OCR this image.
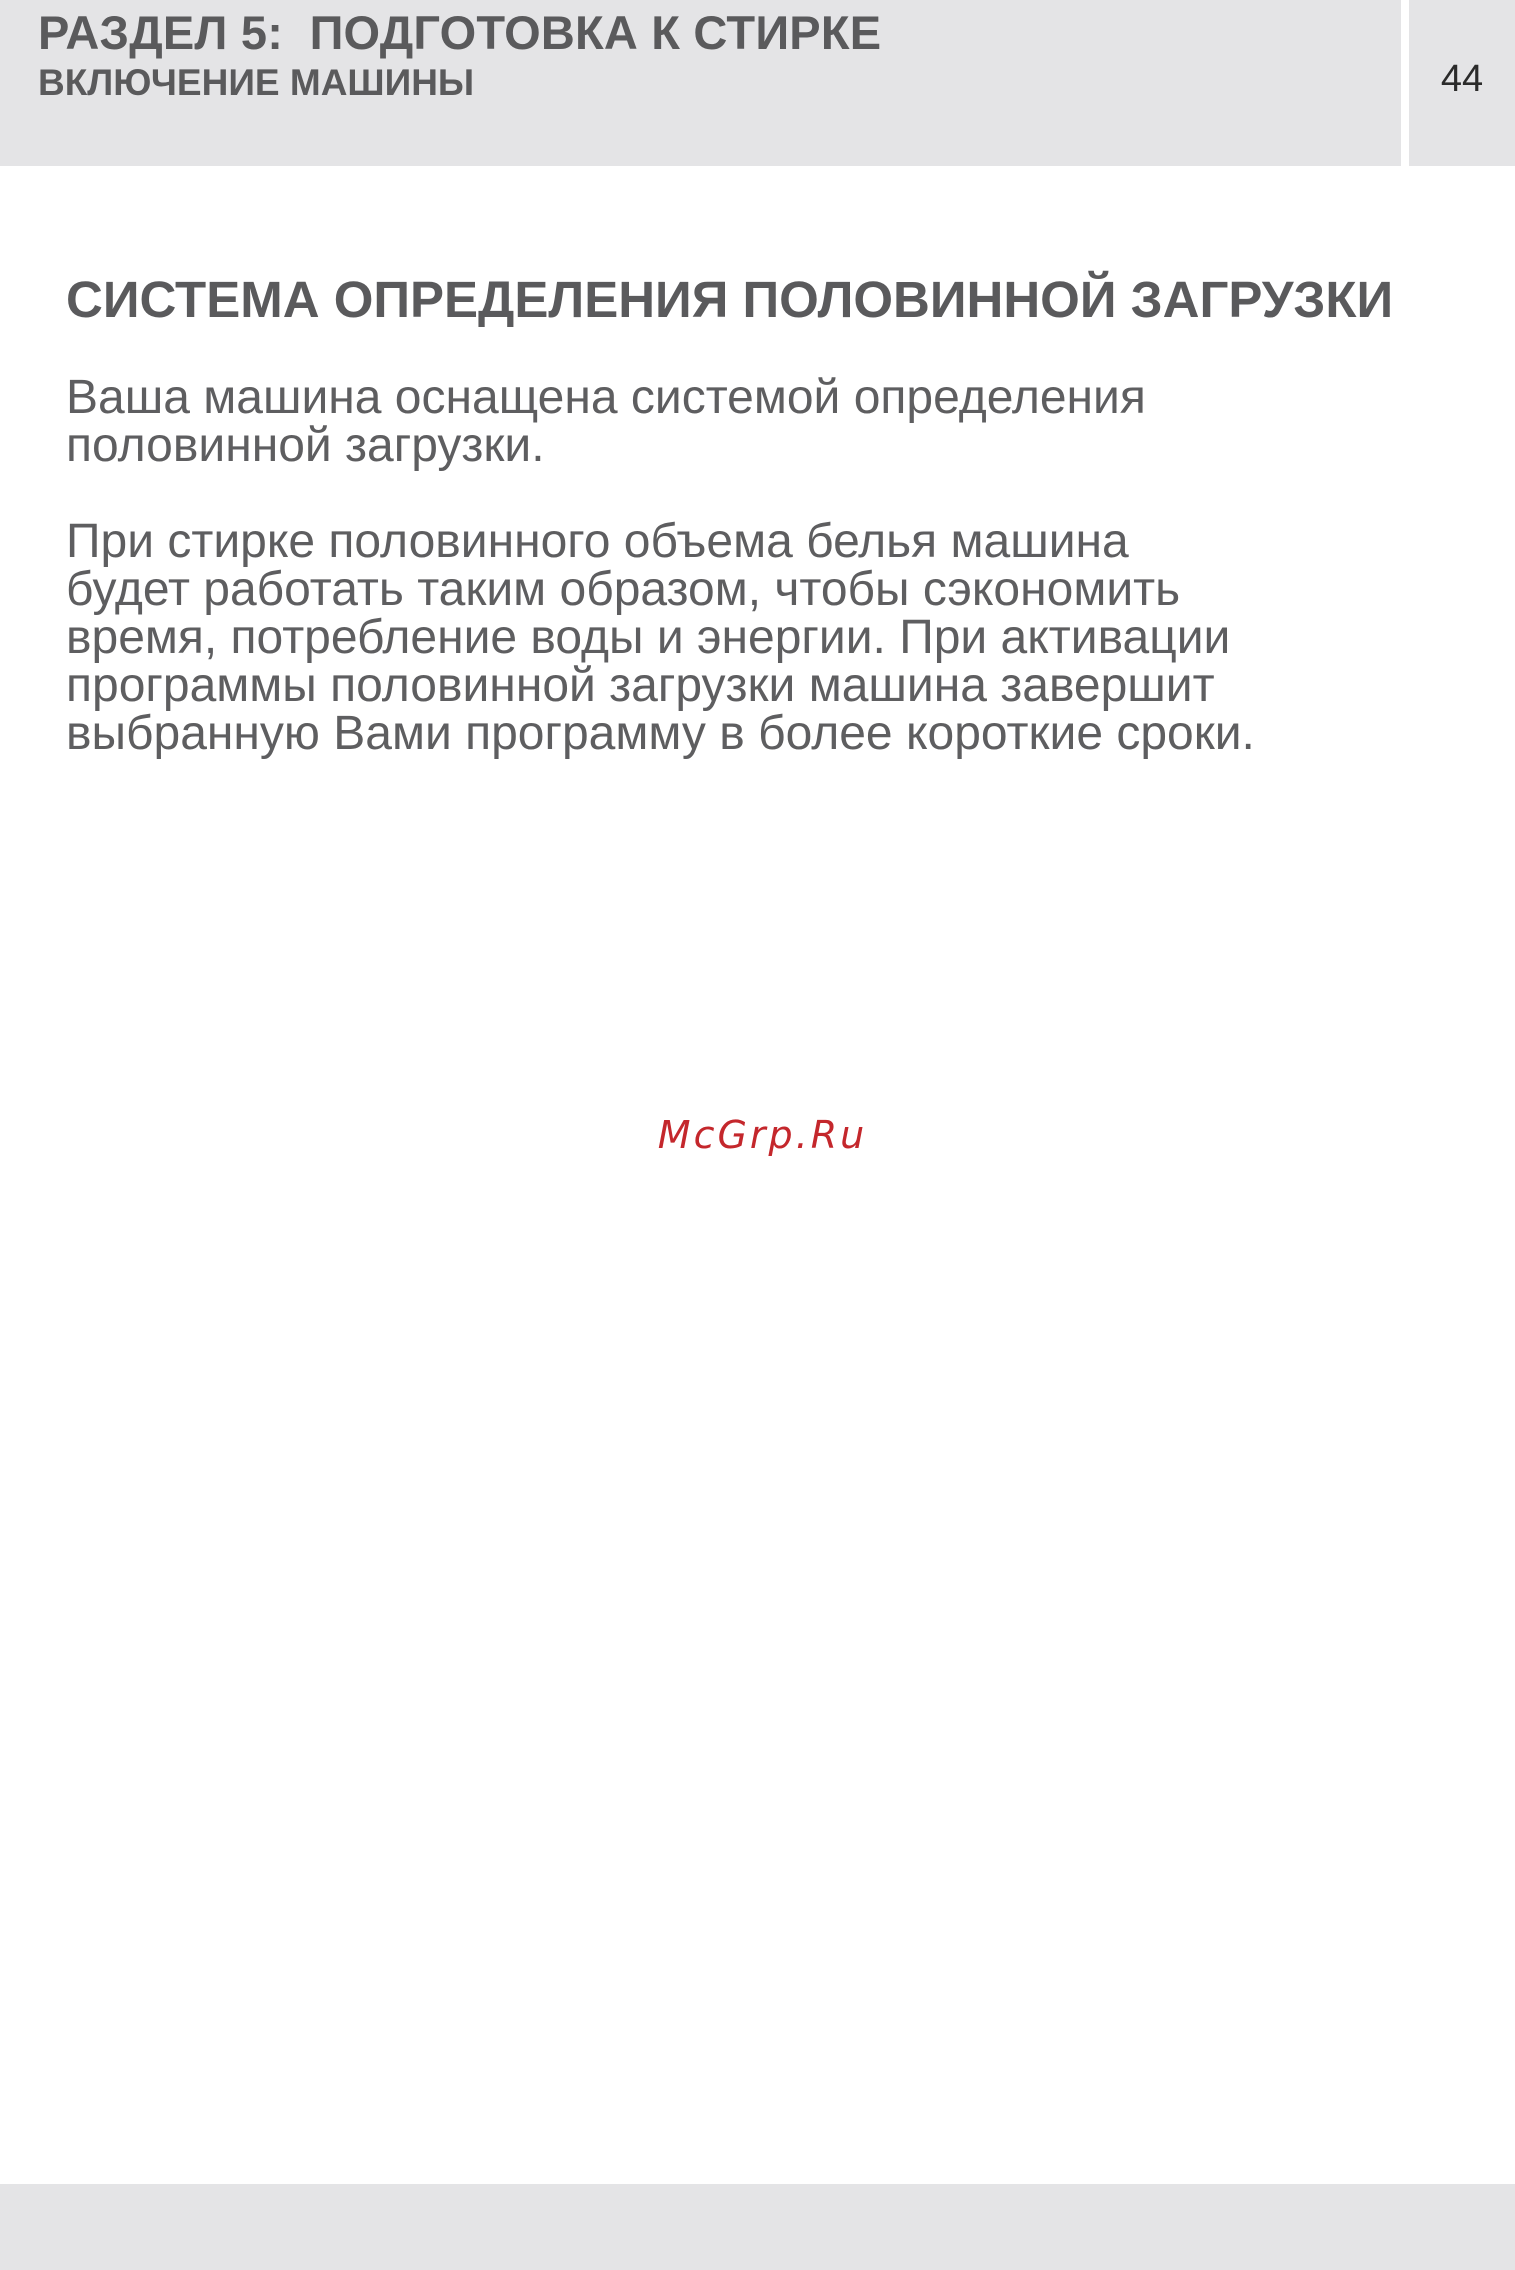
РАЗДЕЛ 5:  ПОДГОТОВКА К СТИРКЕ
ВКЛЮЧЕНИЕ МАШИНЫ	44
СИСТЕМА ОПРЕДЕЛЕНИЯ ПОЛОВИННОЙ ЗАГРУЗКИ

Ваша машина оснащена системой определения
половинной загрузки.

При стирке половинного объема белья машина
будет работать таким образом, чтобы сэкономить
время, потребление воды и энергии. При активации
программы половинной загрузки машина завершит
выбранную Вами программу в более короткие сроки.

McGrp.Ru
